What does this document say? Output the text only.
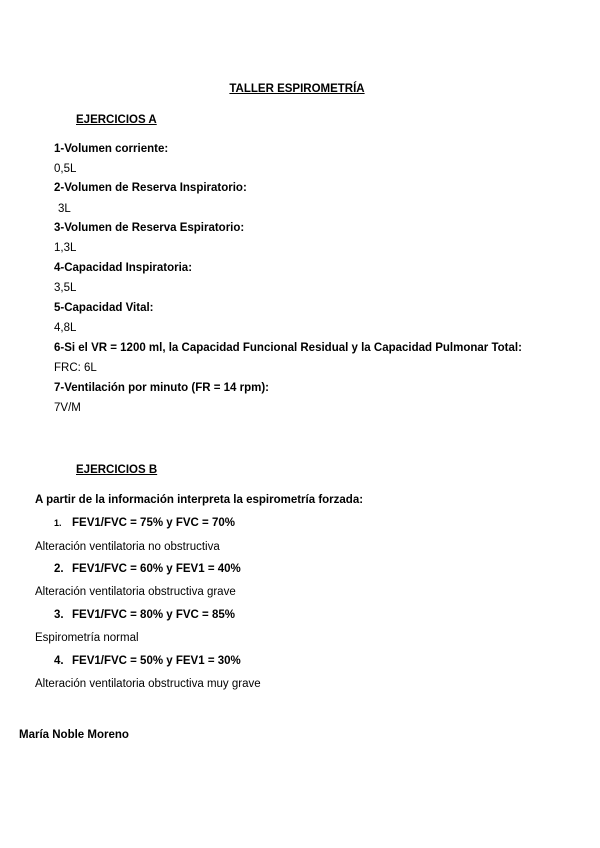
TALLER ESPIROMETRÍA
EJERCICIOS A
1-Volumen corriente:
0,5L
2-Volumen de Reserva Inspiratorio:
3L
3-Volumen de Reserva Espiratorio:
1,3L
4-Capacidad Inspiratoria:
3,5L
5-Capacidad Vital:
4,8L
6-Si el VR = 1200 ml, la Capacidad Funcional Residual y la Capacidad Pulmonar Total:
FRC: 6L
7-Ventilación por minuto (FR = 14 rpm):
7V/M
EJERCICIOS B
A partir de la información interpreta la espirometría forzada:
1. FEV1/FVC = 75% y FVC = 70%
Alteración ventilatoria no obstructiva
2. FEV1/FVC = 60% y FEV1 = 40%
Alteración ventilatoria obstructiva grave
3. FEV1/FVC = 80% y FVC = 85%
Espirometría normal
4. FEV1/FVC = 50% y FEV1 = 30%
Alteración ventilatoria obstructiva muy grave
María Noble Moreno
